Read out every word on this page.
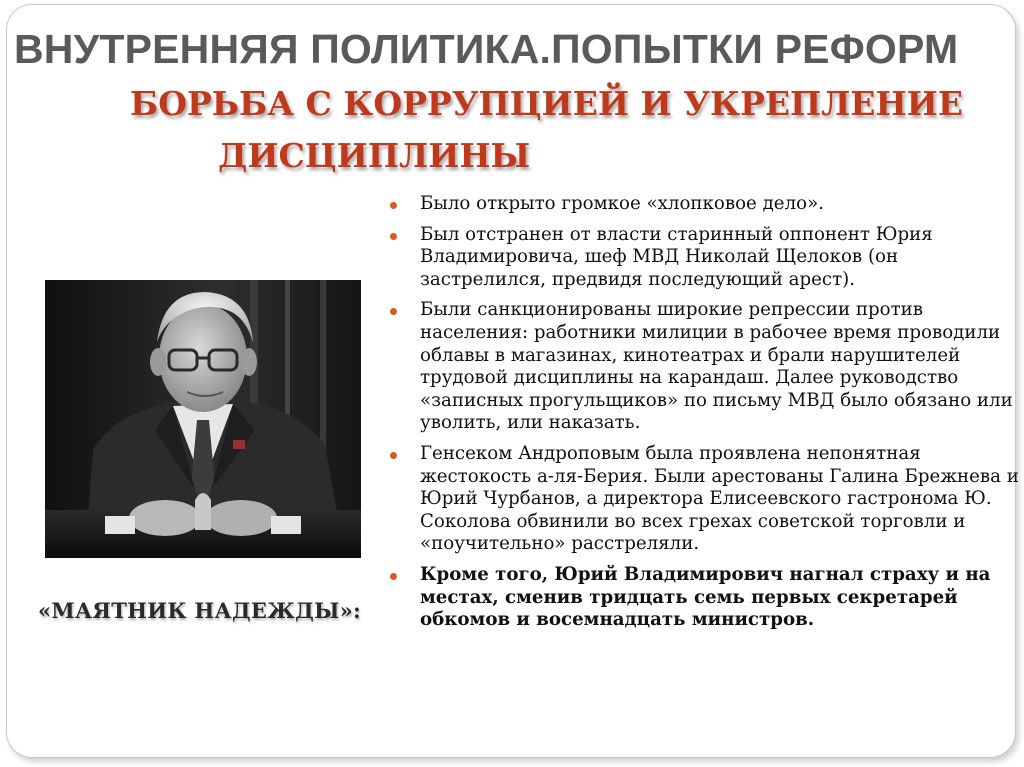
ВНУТРЕННЯЯ ПОЛИТИКА.ПОПЫТКИ РЕФОРМ
БОРЬБА С КОРРУПЦИЕЙ И УКРЕПЛЕНИЕ
ДИСЦИПЛИНЫ
«МАЯТНИК НАДЕЖДЫ»:
Было открыто громкое «хлопковое дело».
Был отстранен от власти старинный оппонент Юрия Владимировича, шеф МВД Николай Щелоков (он застрелился, предвидя последующий арест).
Были санкционированы широкие репрессии против населения: работники милиции в рабочее время проводили облавы в магазинах, кинотеатрах и брали нарушителей трудовой дисциплины на карандаш. Далее руководство «записных прогульщиков» по письму МВД было обязано или уволить, или наказать.
Генсеком Андроповым была проявлена непонятная жестокость а-ля-Берия. Были арестованы Галина Брежнева и Юрий Чурбанов, а директора Елисеевского гастронома Ю. Соколова обвинили во всех грехах советской торговли и «поучительно» расстреляли.
Кроме того, Юрий Владимирович нагнал страху и на местах, сменив тридцать семь первых секретарей обкомов и восемнадцать министров.
